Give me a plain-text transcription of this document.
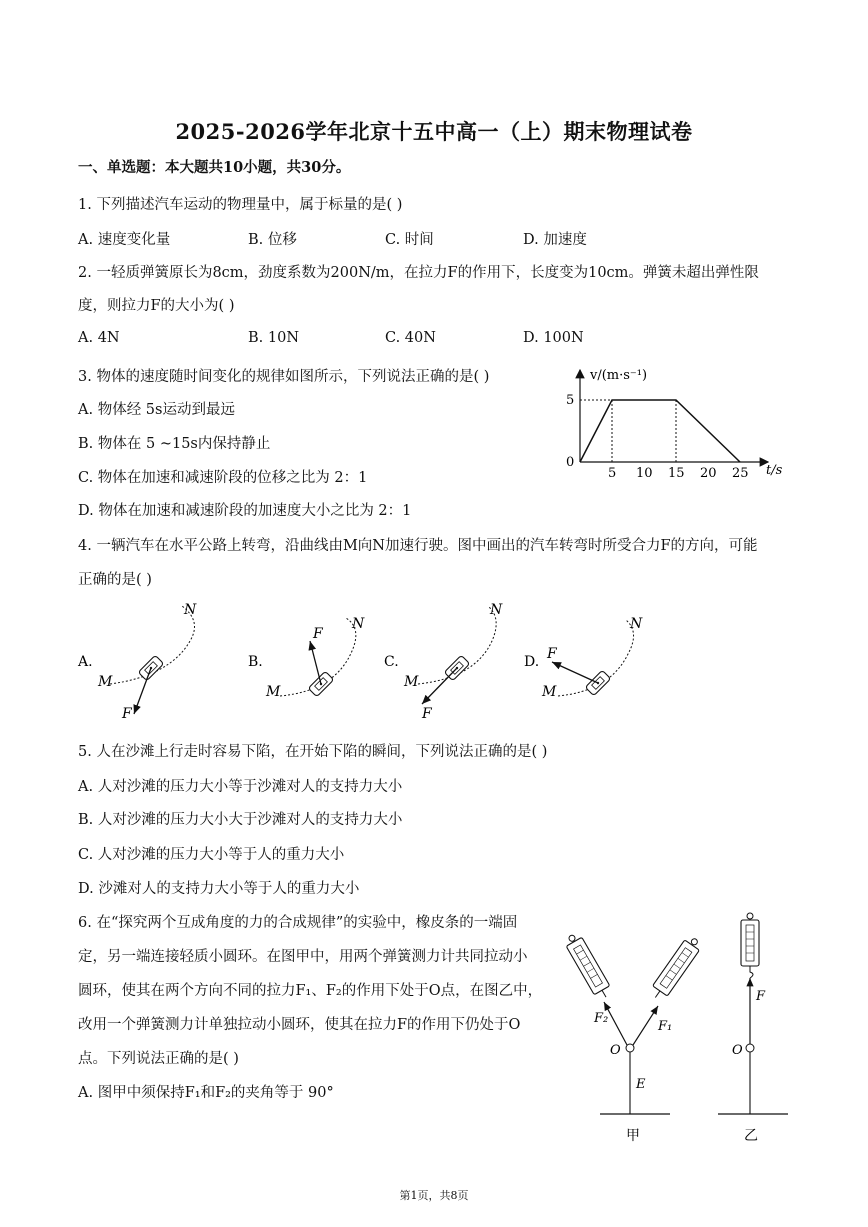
2025-2026学年北京十五中高一（上）期末物理试卷
一、单选题：本大题共10小题，共30分。
1. 下列描述汽车运动的物理量中，属于标量的是( )
A. 速度变化量	B. 位移	C. 时间	D. 加速度
2. 一轻质弹簧原长为8cm，劲度系数为200N/m，在拉力F的作用下，长度变为10cm。弹簧未超出弹性限
度，则拉力F的大小为( )
A. 4N	B. 10N	C. 40N	D. 100N
3. 物体的速度随时间变化的规律如图所示，下列说法正确的是( )
A. 物体经 5s运动到最远
B. 物体在 5 ~15s内保持静止
C. 物体在加速和减速阶段的位移之比为 2：1
D. 物体在加速和减速阶段的加速度大小之比为 2：1
v/(m·s⁻¹)
5
0
5 10 15 20 25 t/s
4. 一辆汽车在水平公路上转弯，沿曲线由M向N加速行驶。图中画出的汽车转弯时所受合力F的方向，可能
正确的是( )
A.
M
N
F
B.
M
N
F
C.
M
N
F
D.
M
N
F
5. 人在沙滩上行走时容易下陷，在开始下陷的瞬间，下列说法正确的是( )
A. 人对沙滩的压力大小等于沙滩对人的支持力大小
B. 人对沙滩的压力大小大于沙滩对人的支持力大小
C. 人对沙滩的压力大小等于人的重力大小
D. 沙滩对人的支持力大小等于人的重力大小
6. 在“探究两个互成角度的力的合成规律”的实验中，橡皮条的一端固
定，另一端连接轻质小圆环。在图甲中，用两个弹簧测力计共同拉动小
圆环，使其在两个方向不同的拉力F₁、F₂的作用下处于O点，在图乙中，
改用一个弹簧测力计单独拉动小圆环，使其在拉力F的作用下仍处于O
点。下列说法正确的是( )
A. 图甲中须保持F₁和F₂的夹角等于 90°
F₂
F₁
O
E
甲
F
O
乙
第1页，共8页
